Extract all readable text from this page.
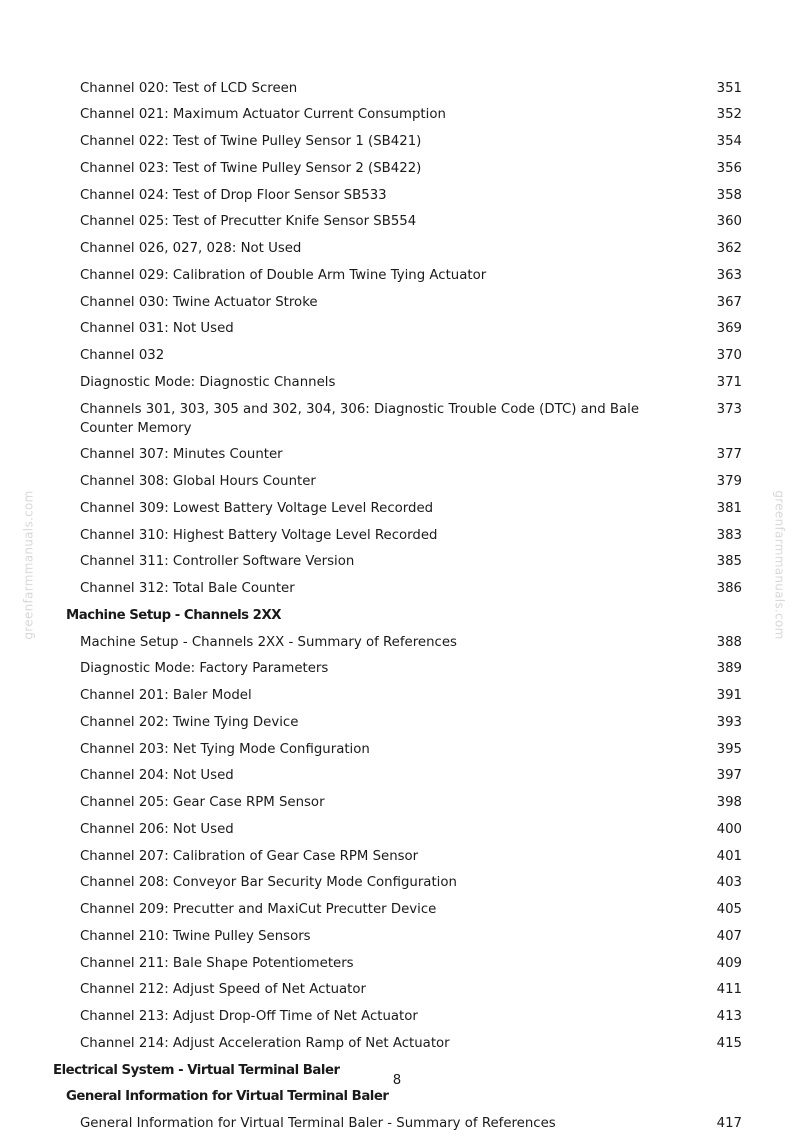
Channel 020: Test of LCD Screen	351
Channel 021: Maximum Actuator Current Consumption	352
Channel 022: Test of Twine Pulley Sensor 1 (SB421)	354
Channel 023: Test of Twine Pulley Sensor 2 (SB422)	356
Channel 024: Test of Drop Floor Sensor SB533	358
Channel 025: Test of Precutter Knife Sensor SB554	360
Channel 026, 027, 028: Not Used	362
Channel 029: Calibration of Double Arm Twine Tying Actuator	363
Channel 030: Twine Actuator Stroke	367
Channel 031: Not Used	369
Channel 032	370
Diagnostic Mode: Diagnostic Channels	371
Channels 301, 303, 305 and 302, 304, 306: Diagnostic Trouble Code (DTC) and Bale Counter Memory
373
Channel 307: Minutes Counter	377
Channel 308: Global Hours Counter	379
Channel 309: Lowest Battery Voltage Level Recorded	381
Channel 310: Highest Battery Voltage Level Recorded	383
Channel 311: Controller Software Version	385
Channel 312: Total Bale Counter	386
Machine Setup - Channels 2XX
Machine Setup - Channels 2XX - Summary of References	388
Diagnostic Mode: Factory Parameters	389
Channel 201: Baler Model	391
Channel 202: Twine Tying Device	393
Channel 203: Net Tying Mode Configuration	395
Channel 204: Not Used	397
Channel 205: Gear Case RPM Sensor	398
Channel 206: Not Used	400
Channel 207: Calibration of Gear Case RPM Sensor	401
Channel 208: Conveyor Bar Security Mode Configuration	403
Channel 209: Precutter and MaxiCut Precutter Device	405
Channel 210: Twine Pulley Sensors	407
Channel 211: Bale Shape Potentiometers	409
Channel 212: Adjust Speed of Net Actuator	411
Channel 213: Adjust Drop-Off Time of Net Actuator	413
Channel 214: Adjust Acceleration Ramp of Net Actuator	415
Electrical System - Virtual Terminal Baler
General Information for Virtual Terminal Baler
General Information for Virtual Terminal Baler - Summary of References	417
greenfarmmanuals.com	greenfarmmanuals.com
8
